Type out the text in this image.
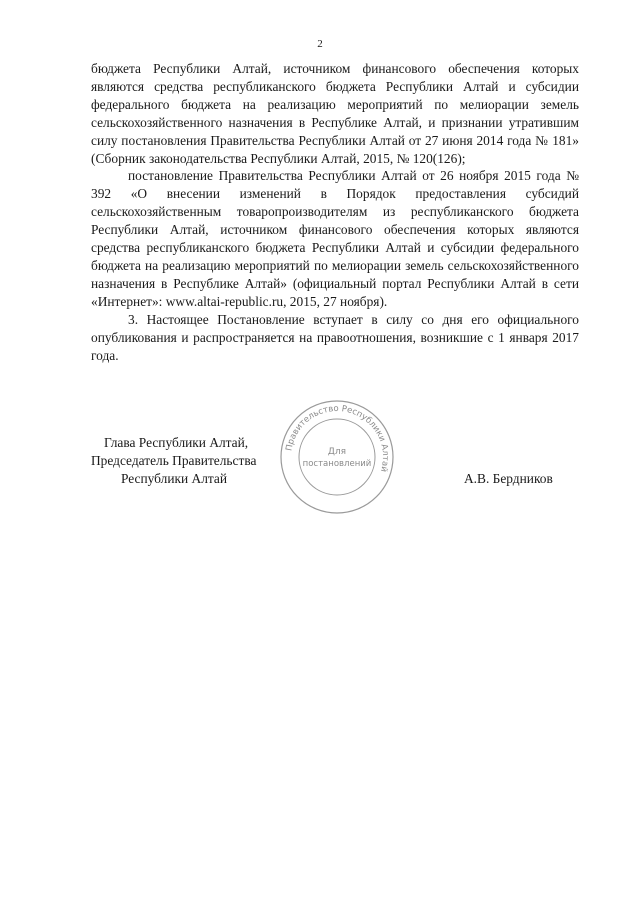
2

бюджета Республики Алтай, источником финансового обеспечения которых являются средства республиканского бюджета Республики Алтай и субсидии федерального бюджета на реализацию мероприятий по мелиорации земель сельскохозяйственного назначения в Республике Алтай, и признании утратившим силу постановления Правительства Республики Алтай от 27 июня 2014 года № 181» (Сборник законодательства Республики Алтай, 2015, № 120(126);

постановление Правительства Республики Алтай от 26 ноября 2015 года № 392 «О внесении изменений в Порядок предоставления субсидий сельскохозяйственным товаропроизводителям из республиканского бюджета Республики Алтай, источником финансового обеспечения которых являются средства республиканского бюджета Республики Алтай и субсидии федерального бюджета на реализацию мероприятий по мелиорации земель сельскохозяйственного назначения в Республике Алтай» (официальный портал Республики Алтай в сети «Интернет»: www.altai-republic.ru, 2015, 27 ноября).

3. Настоящее Постановление вступает в силу со дня его официального опубликования и распространяется на правоотношения, возникшие с 1 января 2017 года.

Правительство Республики Алтай
Для
постановлений
Глава Республики Алтай,
Председатель Правительства
Республики Алтай	А.В. Бердников
